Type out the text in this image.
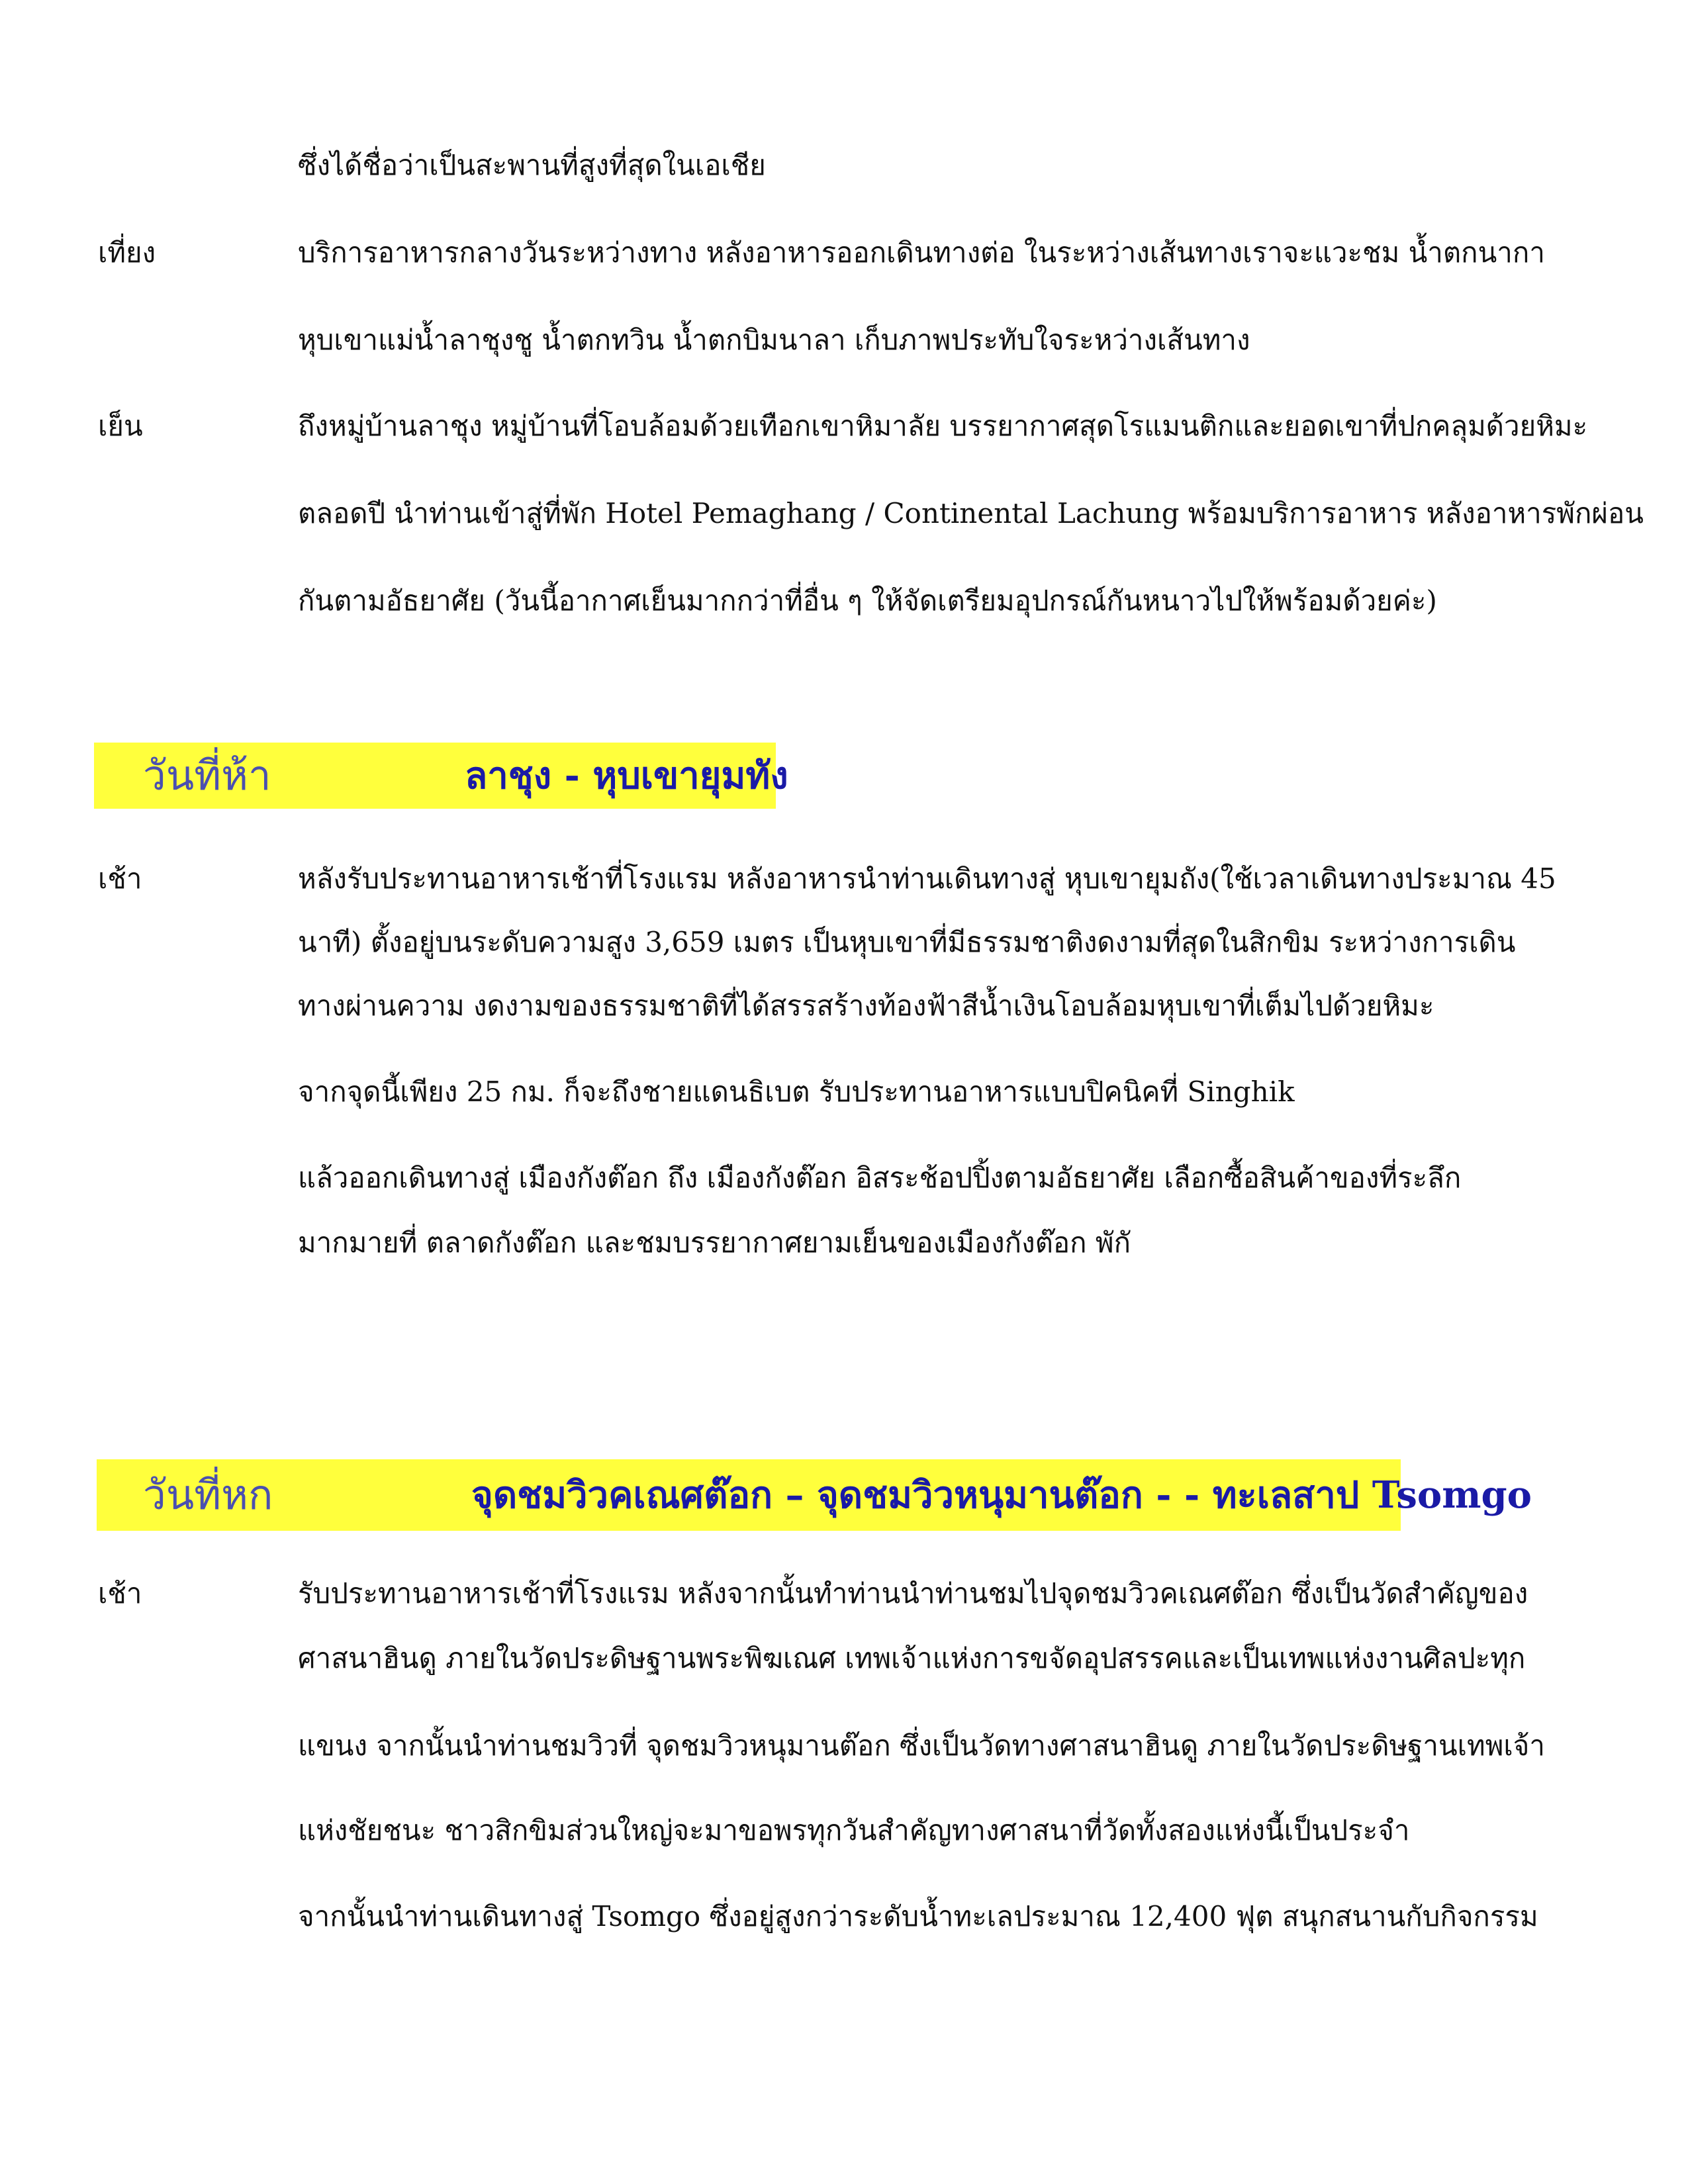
ซึ่งได้ชื่อว่าเป็นสะพานที่สูงที่สุดในเอเชีย

เที่ยง	บริการอาหารกลางวันระหว่างทาง หลังอาหารออกเดินทางต่อ ในระหว่างเส้นทางเราจะแวะชม น้ำตกนากา

หุบเขาแม่น้ำลาชุงชู น้ำตกทวิน น้ำตกบิมนาลา เก็บภาพประทับใจระหว่างเส้นทาง

เย็น	ถึงหมู่บ้านลาชุง หมู่บ้านที่โอบล้อมด้วยเทือกเขาหิมาลัย บรรยากาศสุดโรแมนติกและยอดเขาที่ปกคลุมด้วยหิมะ

ตลอดปี นำท่านเข้าสู่ที่พัก Hotel Pemaghang / Continental Lachung พร้อมบริการอาหาร หลังอาหารพักผ่อน

กันตามอัธยาศัย (วันนี้อากาศเย็นมากกว่าที่อื่น ๆ ให้จัดเตรียมอุปกรณ์กันหนาวไปให้พร้อมด้วยค่ะ)

วันที่ห้า	ลาชุง - หุบเขายุมทัง

เช้า	หลังรับประทานอาหารเช้าที่โรงแรม หลังอาหารนำท่านเดินทางสู่ หุบเขายุมถัง(ใช้เวลาเดินทางประมาณ 45

นาที) ตั้งอยู่บนระดับความสูง 3,659 เมตร เป็นหุบเขาที่มีธรรมชาติงดงามที่สุดในสิกขิม ระหว่างการเดิน

ทางผ่านความ งดงามของธรรมชาติที่ได้สรรสร้างท้องฟ้าสีน้ำเงินโอบล้อมหุบเขาที่เต็มไปด้วยหิมะ

จากจุดนี้เพียง 25 กม. ก็จะถึงชายแดนธิเบต รับประทานอาหารแบบปิคนิคที่ Singhik

แล้วออกเดินทางสู่ เมืองกังต๊อก ถึง เมืองกังต๊อก อิสระช้อปปิ้งตามอัธยาศัย เลือกซื้อสินค้าของที่ระลึก

มากมายที่ ตลาดกังต๊อก และชมบรรยากาศยามเย็นของเมืองกังต๊อก พักั

วันที่หก	จุดชมวิวคเณศต๊อก – จุดชมวิวหนุมานต๊อก - - ทะเลสาป Tsomgo

เช้า	รับประทานอาหารเช้าที่โรงแรม หลังจากนั้นทำท่านนำท่านชมไปจุดชมวิวคเณศต๊อก ซึ่งเป็นวัดสำคัญของ

ศาสนาฮินดู ภายในวัดประดิษฐานพระพิฆเณศ เทพเจ้าแห่งการขจัดอุปสรรคและเป็นเทพแห่งงานศิลปะทุก

แขนง จากนั้นนำท่านชมวิวที่ จุดชมวิวหนุมานต๊อก ซึ่งเป็นวัดทางศาสนาฮินดู ภายในวัดประดิษฐานเทพเจ้า

แห่งชัยชนะ ชาวสิกขิมส่วนใหญ่จะมาขอพรทุกวันสำคัญทางศาสนาที่วัดทั้งสองแห่งนี้เป็นประจำ

จากนั้นนำท่านเดินทางสู่ Tsomgo ซึ่งอยู่สูงกว่าระดับน้ำทะเลประมาณ 12,400 ฟุต สนุกสนานกับกิจกรรม
